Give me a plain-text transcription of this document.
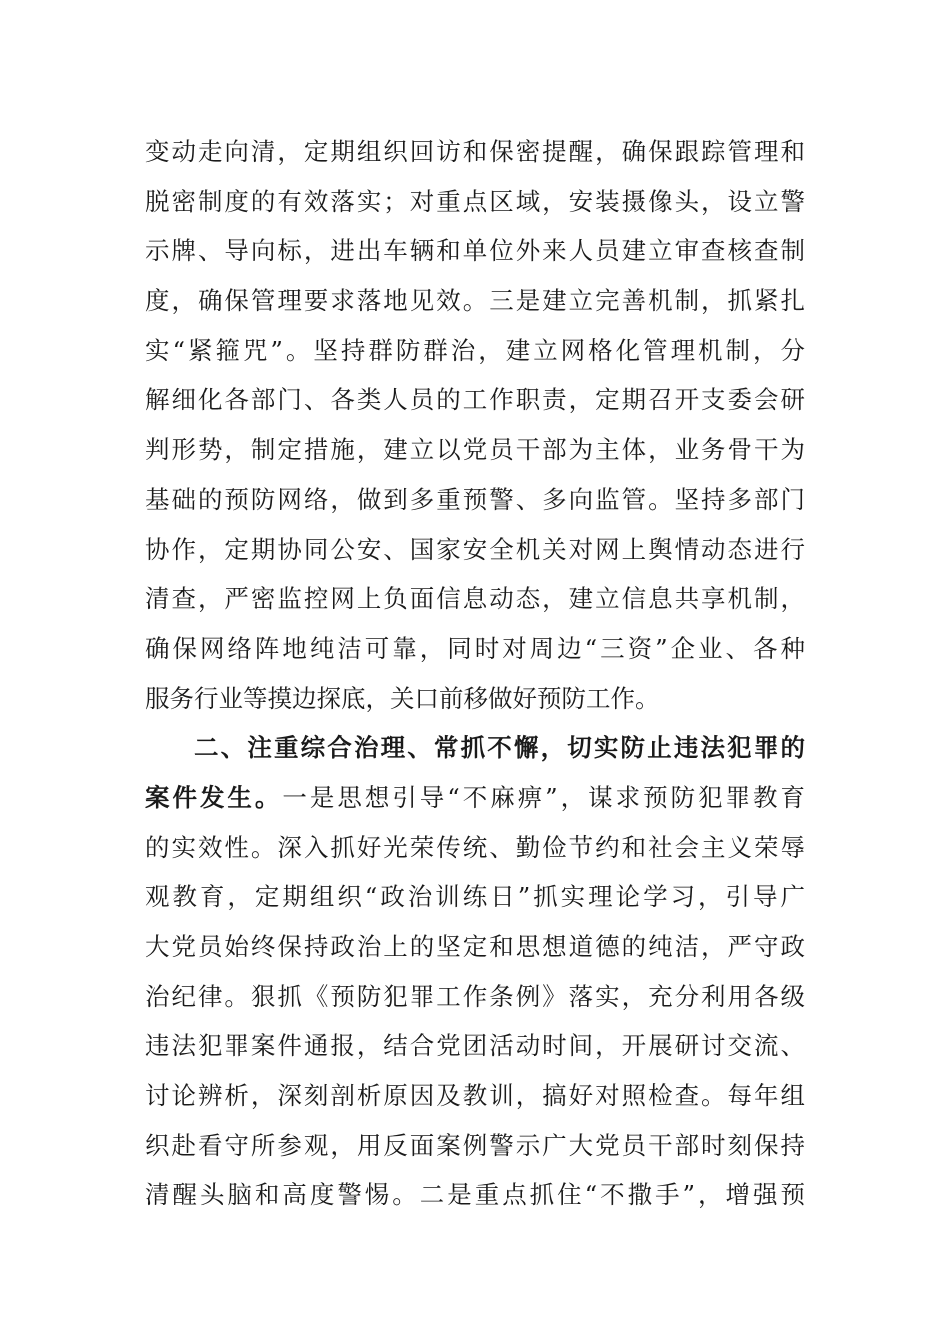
变动走向清，定期组织回访和保密提醒，确保跟踪管理和
脱密制度的有效落实；对重点区域，安装摄像头，设立警
示牌、导向标，进出车辆和单位外来人员建立审查核查制
度，确保管理要求落地见效。三是建立完善机制，抓紧扎
实“紧箍咒”。坚持群防群治，建立网格化管理机制，分
解细化各部门、各类人员的工作职责，定期召开支委会研
判形势，制定措施，建立以党员干部为主体，业务骨干为
基础的预防网络，做到多重预警、多向监管。坚持多部门
协作，定期协同公安、国家安全机关对网上舆情动态进行
清查，严密监控网上负面信息动态，建立信息共享机制，
确保网络阵地纯洁可靠，同时对周边“三资”企业、各种
服务行业等摸边探底，关口前移做好预防工作。
二、注重综合治理、常抓不懈，切实防止违法犯罪的
案件发生。一是思想引导“不麻痹”，谋求预防犯罪教育
的实效性。深入抓好光荣传统、勤俭节约和社会主义荣辱
观教育，定期组织“政治训练日”抓实理论学习，引导广
大党员始终保持政治上的坚定和思想道德的纯洁，严守政
治纪律。狠抓《预防犯罪工作条例》落实，充分利用各级
违法犯罪案件通报，结合党团活动时间，开展研讨交流、
讨论辨析，深刻剖析原因及教训，搞好对照检查。每年组
织赴看守所参观，用反面案例警示广大党员干部时刻保持
清醒头脑和高度警惕。二是重点抓住“不撒手”，增强预
